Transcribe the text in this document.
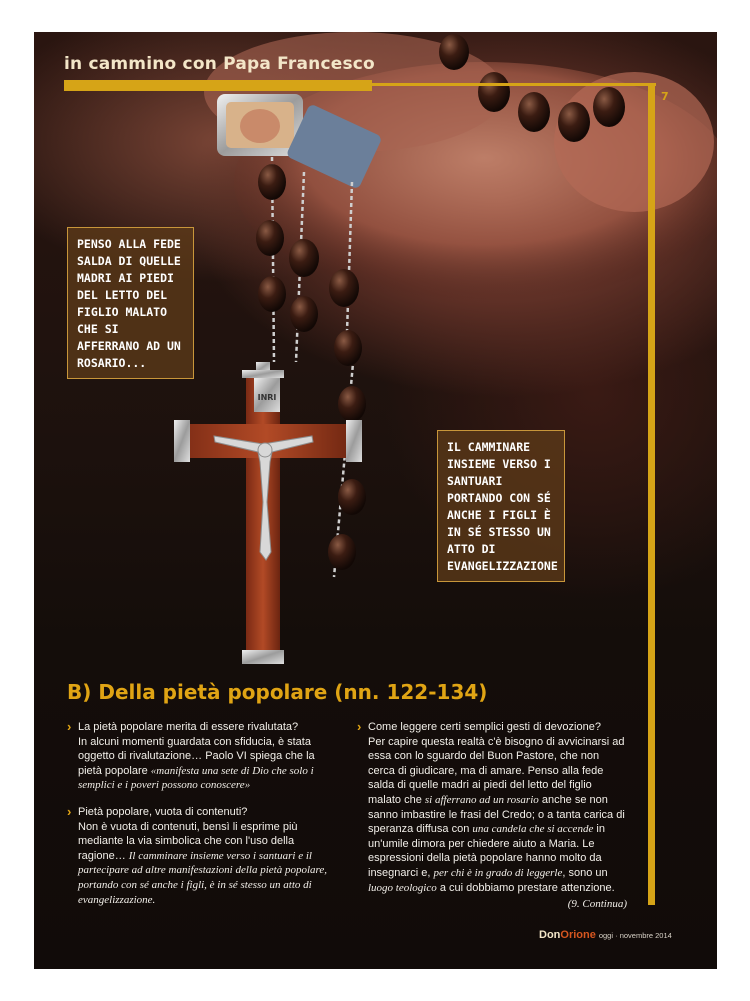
INRI
in cammino con Papa Francesco
7
PENSO ALLA FEDE SALDA DI QUELLE MADRI AI PIEDI DEL LETTO DEL FIGLIO MALATO CHE SI AFFERRANO AD UN ROSARIO...
IL CAMMINARE INSIEME VERSO I SANTUARI PORTANDO CON SÉ ANCHE I FIGLI È IN SÉ STESSO UN ATTO DI EVANGELIZZAZIONE
B) Della pietà popolare (nn. 122-134)
› La pietà popolare merita di essere rivalutata?
In alcuni momenti guardata con sfiducia, è stata oggetto di rivalutazione… Paolo VI spiega che la pietà popolare «manifesta una sete di Dio che solo i semplici e i poveri possono conoscere»

› Pietà popolare, vuota di contenuti?
Non è vuota di contenuti, bensì li esprime più mediante la via simbolica che con l'uso della ragione… Il camminare insieme verso i santuari e il partecipare ad altre manifestazioni della pietà popolare, portando con sé anche i figli, è in sé stesso un atto di evangelizzazione.

› Come leggere certi semplici gesti di devozione?
Per capire questa realtà c'è bisogno di avvicinarsi ad essa con lo sguardo del Buon Pastore, che non cerca di giudicare, ma di amare. Penso alla fede salda di quelle madri ai piedi del letto del figlio malato che si afferrano ad un rosario anche se non sanno imbastire le frasi del Credo; o a tanta carica di speranza diffusa con una candela che si accende in un'umile dimora per chiedere aiuto a Maria. Le espressioni della pietà popolare hanno molto da insegnarci e, per chi è in grado di leggerle, sono un luogo teologico a cui dobbiamo prestare attenzione.

(9. Continua)
DonOrione oggi · novembre 2014
